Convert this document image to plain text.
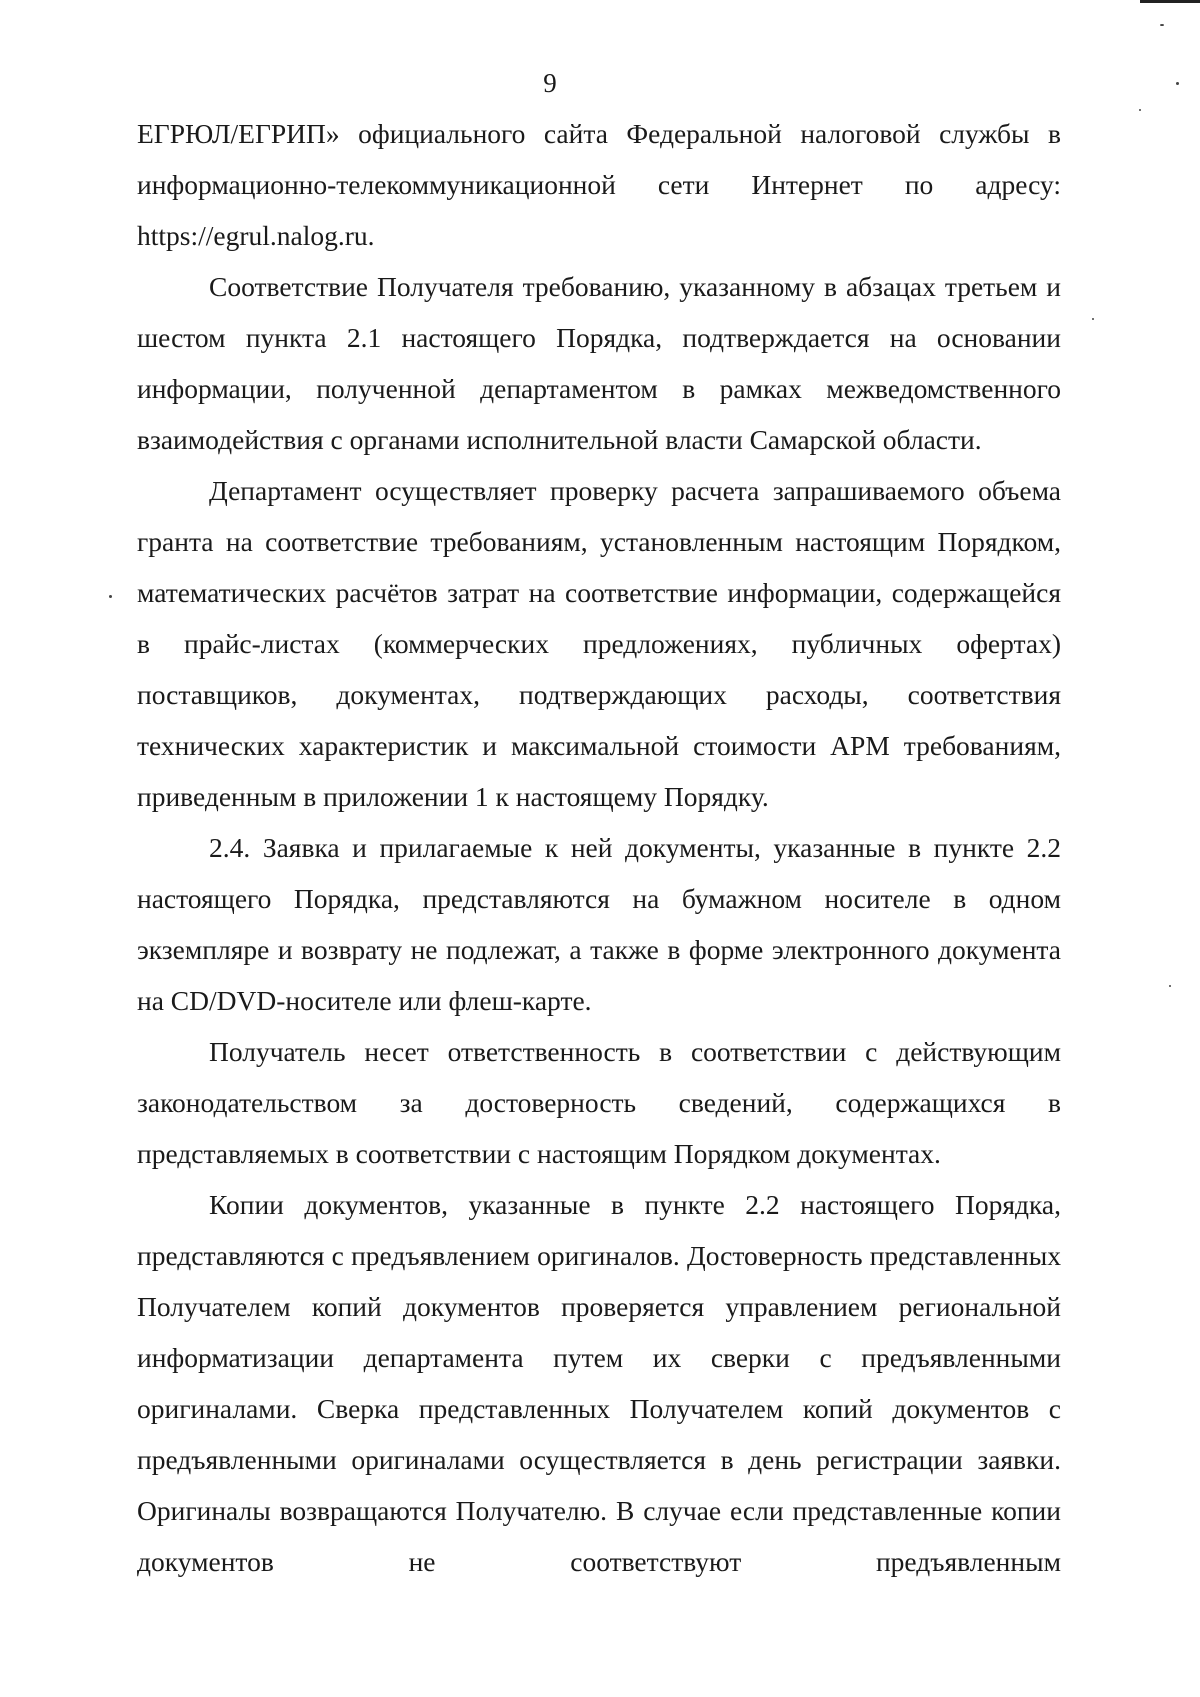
9

ЕГРЮЛ/ЕГРИП» официального сайта Федеральной налоговой службы в информационно-телекоммуникационной сети Интернет по адресу: https://egrul.nalog.ru.

Соответствие Получателя требованию, указанному в абзацах третьем и шестом пункта 2.1 настоящего Порядка, подтверждается на основании информации, полученной департаментом в рамках межведомственного взаимодействия с органами исполнительной власти Самарской области.

Департамент осуществляет проверку расчета запрашиваемого объема гранта на соответствие требованиям, установленным настоящим Порядком, математических расчётов затрат на соответствие информации, содержащейся в прайс-листах (коммерческих предложениях, публичных офертах) поставщиков, документах, подтверждающих расходы, соответствия технических характеристик и максимальной стоимости АРМ требованиям, приведенным в приложении 1 к настоящему Порядку.

2.4. Заявка и прилагаемые к ней документы, указанные в пункте 2.2 настоящего Порядка, представляются на бумажном носителе в одном экземпляре и возврату не подлежат, а также в форме электронного документа на CD/DVD-носителе или флеш-карте.

Получатель несет ответственность в соответствии с действующим законодательством за достоверность сведений, содержащихся в представляемых в соответствии с настоящим Порядком документах.

Копии документов, указанные в пункте 2.2 настоящего Порядка, представляются с предъявлением оригиналов. Достоверность представленных Получателем копий документов проверяется управлением региональной информатизации департамента путем их сверки с предъявленными оригиналами. Сверка представленных Получателем копий документов с предъявленными оригиналами осуществляется в день регистрации заявки. Оригиналы возвращаются Получателю. В случае если представленные копии документов не соответствуют предъявленным
